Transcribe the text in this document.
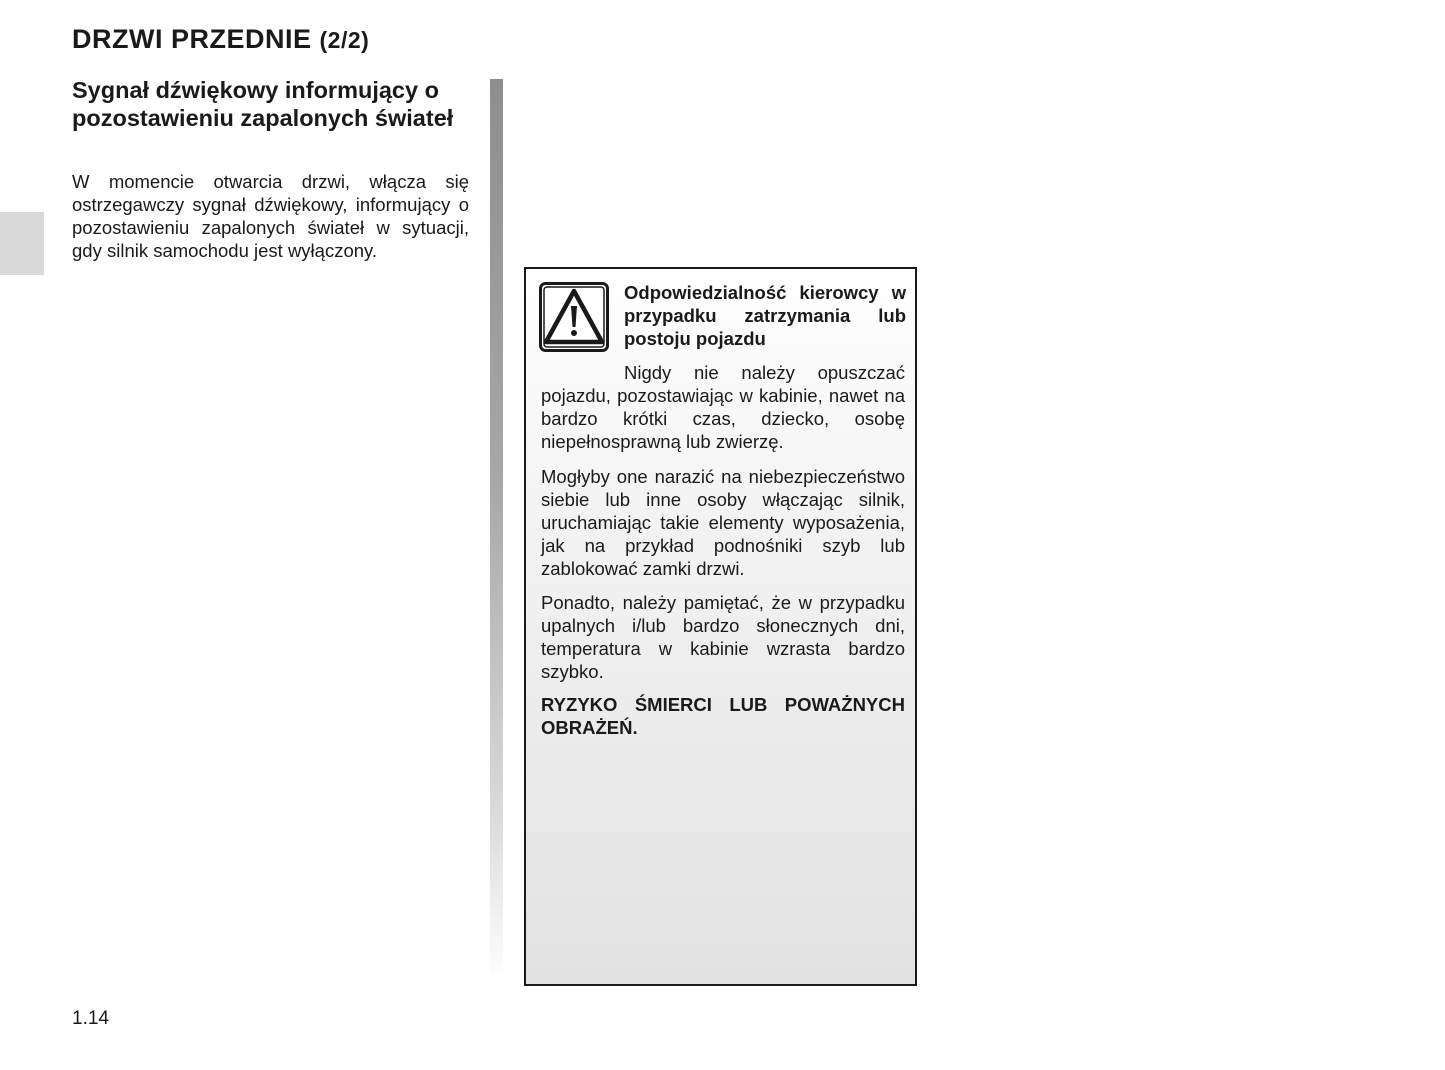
DRZWI PRZEDNIE (2/2)
Sygnał dźwiękowy informujący o pozostawieniu zapalonych świateł

W momencie otwarcia drzwi, włącza się ostrzegawczy sygnał dźwiękowy, informujący o pozostawieniu zapalonych świateł w sytuacji, gdy silnik samochodu jest wyłączony.

Odpowiedzialność kierowcy w przypadku zatrzymania lub postoju pojazdu

Nigdy nie należy opuszczać pojazdu, pozostawiając w kabinie, nawet na bardzo krótki czas, dziecko, osobę niepełnosprawną lub zwierzę.

Mogłyby one narazić na niebezpieczeństwo siebie lub inne osoby włączając silnik, uruchamiając takie elementy wyposażenia, jak na przykład podnośniki szyb lub zablokować zamki drzwi.

Ponadto, należy pamiętać, że w przypadku upalnych i/lub bardzo słonecznych dni, temperatura w kabinie wzrasta bardzo szybko.

RYZYKO ŚMIERCI LUB POWAŻNYCH OBRAŻEŃ.

1.14
